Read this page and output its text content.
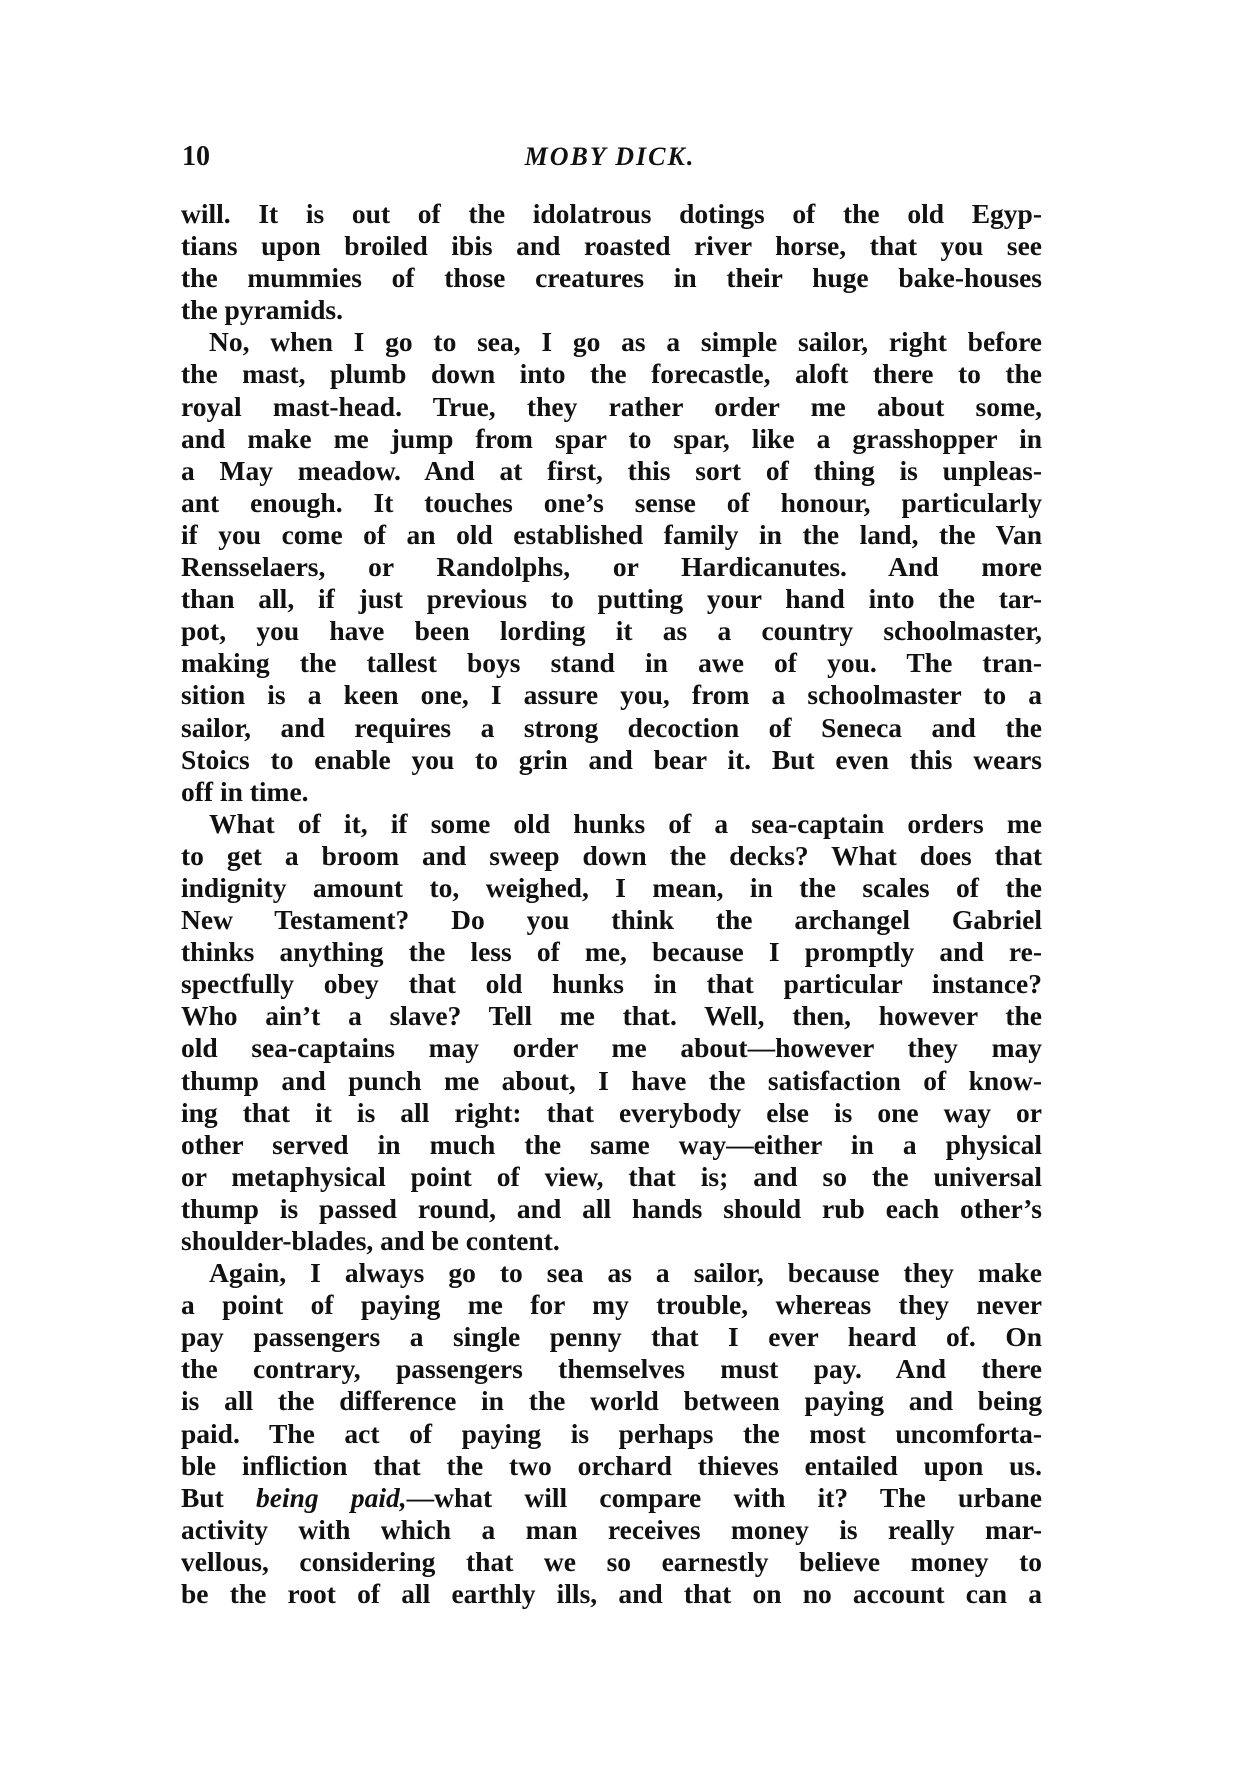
10	MOBY DICK.
will. It is out of the idolatrous dotings of the old Egyp-
tians upon broiled ibis and roasted river horse, that you see
the mummies of those creatures in their huge bake-houses
the pyramids.
No, when I go to sea, I go as a simple sailor, right before
the mast, plumb down into the forecastle, aloft there to the
royal mast-head. True, they rather order me about some,
and make me jump from spar to spar, like a grasshopper in
a May meadow. And at first, this sort of thing is unpleas-
ant enough. It touches one’s sense of honour, particularly
if you come of an old established family in the land, the Van
Rensselaers, or Randolphs, or Hardicanutes. And more
than all, if just previous to putting your hand into the tar-
pot, you have been lording it as a country schoolmaster,
making the tallest boys stand in awe of you. The tran-
sition is a keen one, I assure you, from a schoolmaster to a
sailor, and requires a strong decoction of Seneca and the
Stoics to enable you to grin and bear it. But even this wears
off in time.
What of it, if some old hunks of a sea-captain orders me
to get a broom and sweep down the decks? What does that
indignity amount to, weighed, I mean, in the scales of the
New Testament? Do you think the archangel Gabriel
thinks anything the less of me, because I promptly and re-
spectfully obey that old hunks in that particular instance?
Who ain’t a slave? Tell me that. Well, then, however the
old sea-captains may order me about—however they may
thump and punch me about, I have the satisfaction of know-
ing that it is all right: that everybody else is one way or
other served in much the same way—either in a physical
or metaphysical point of view, that is; and so the universal
thump is passed round, and all hands should rub each other’s
shoulder-blades, and be content.
Again, I always go to sea as a sailor, because they make
a point of paying me for my trouble, whereas they never
pay passengers a single penny that I ever heard of. On
the contrary, passengers themselves must pay. And there
is all the difference in the world between paying and being
paid. The act of paying is perhaps the most uncomforta-
ble infliction that the two orchard thieves entailed upon us.
But being paid,—what will compare with it? The urbane
activity with which a man receives money is really mar-
vellous, considering that we so earnestly believe money to
be the root of all earthly ills, and that on no account can a
